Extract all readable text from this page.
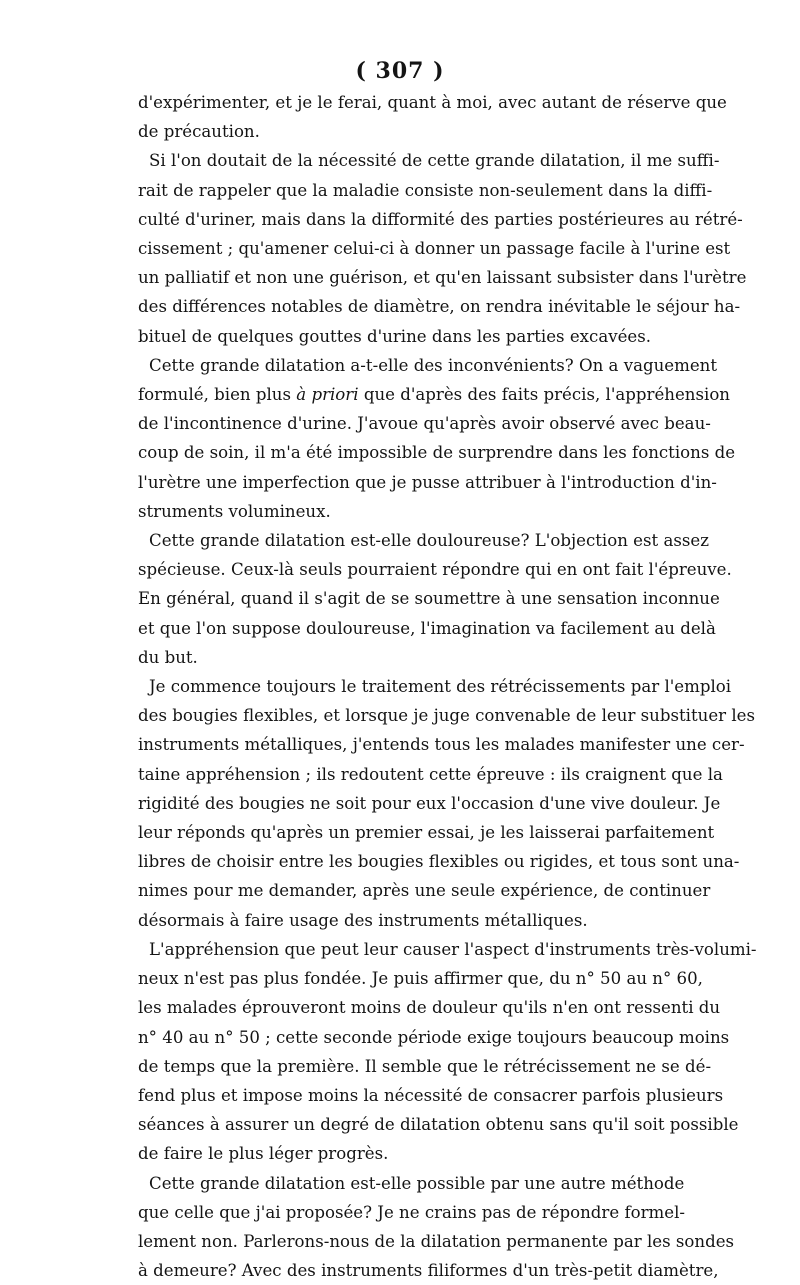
( 307 )
d'expérimenter, et je le ferai, quant à moi, avec autant de réserve que
de précaution.
Si l'on doutait de la nécessité de cette grande dilatation, il me suffi-
rait de rappeler que la maladie consiste non-seulement dans la diffi-
culté d'uriner, mais dans la difformité des parties postérieures au rétré-
cissement ; qu'amener celui-ci à donner un passage facile à l'urine est
un palliatif et non une guérison, et qu'en laissant subsister dans l'urètre
des différences notables de diamètre, on rendra inévitable le séjour ha-
bituel de quelques gouttes d'urine dans les parties excavées.
Cette grande dilatation a-t-elle des inconvénients? On a vaguement
formulé, bien plus à priori que d'après des faits précis, l'appréhension
de l'incontinence d'urine. J'avoue qu'après avoir observé avec beau-
coup de soin, il m'a été impossible de surprendre dans les fonctions de
l'urètre une imperfection que je pusse attribuer à l'introduction d'in-
struments volumineux.
Cette grande dilatation est-elle douloureuse? L'objection est assez
spécieuse. Ceux-là seuls pourraient répondre qui en ont fait l'épreuve.
En général, quand il s'agit de se soumettre à une sensation inconnue
et que l'on suppose douloureuse, l'imagination va facilement au delà
du but.
Je commence toujours le traitement des rétrécissements par l'emploi
des bougies flexibles, et lorsque je juge convenable de leur substituer les
instruments métalliques, j'entends tous les malades manifester une cer-
taine appréhension ; ils redoutent cette épreuve : ils craignent que la
rigidité des bougies ne soit pour eux l'occasion d'une vive douleur. Je
leur réponds qu'après un premier essai, je les laisserai parfaitement
libres de choisir entre les bougies flexibles ou rigides, et tous sont una-
nimes pour me demander, après une seule expérience, de continuer
désormais à faire usage des instruments métalliques.
L'appréhension que peut leur causer l'aspect d'instruments très-volumi-
neux n'est pas plus fondée. Je puis affirmer que, du n° 50 au n° 60,
les malades éprouveront moins de douleur qu'ils n'en ont ressenti du
n° 40 au n° 50 ; cette seconde période exige toujours beaucoup moins
de temps que la première. Il semble que le rétrécissement ne se dé-
fend plus et impose moins la nécessité de consacrer parfois plusieurs
séances à assurer un degré de dilatation obtenu sans qu'il soit possible
de faire le plus léger progrès.
Cette grande dilatation est-elle possible par une autre méthode
que celle que j'ai proposée? Je ne crains pas de répondre formel-
lement non. Parlerons-nous de la dilatation permanente par les sondes
à demeure? Avec des instruments filiformes d'un très-petit diamètre,
